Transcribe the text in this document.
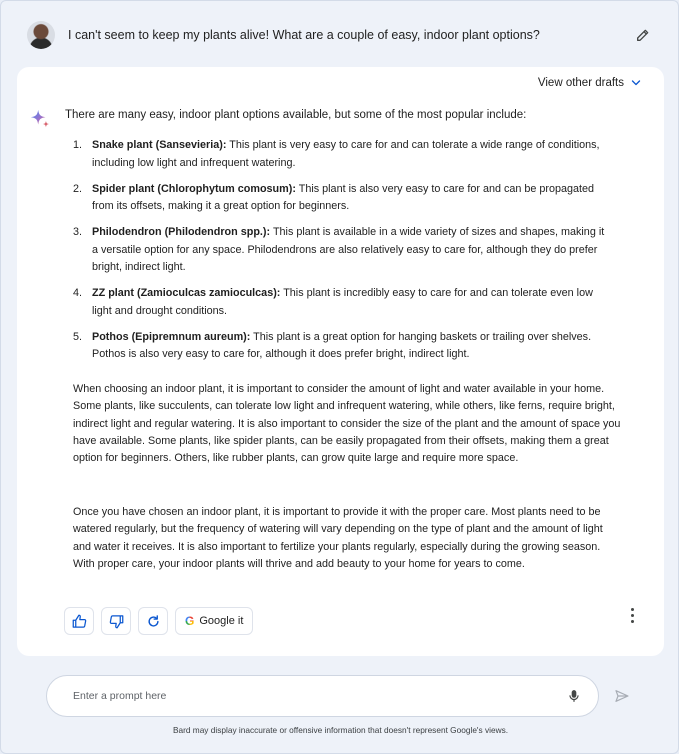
I can't seem to keep my plants alive! What are a couple of easy, indoor plant options?
View other drafts
There are many easy, indoor plant options available, but some of the most popular include:
1. Snake plant (Sansevieria): This plant is very easy to care for and can tolerate a wide range of conditions, including low light and infrequent watering.
2. Spider plant (Chlorophytum comosum): This plant is also very easy to care for and can be propagated from its offsets, making it a great option for beginners.
3. Philodendron (Philodendron spp.): This plant is available in a wide variety of sizes and shapes, making it a versatile option for any space. Philodendrons are also relatively easy to care for, although they do prefer bright, indirect light.
4. ZZ plant (Zamioculcas zamioculcas): This plant is incredibly easy to care for and can tolerate even low light and drought conditions.
5. Pothos (Epipremnum aureum): This plant is a great option for hanging baskets or trailing over shelves. Pothos is also very easy to care for, although it does prefer bright, indirect light.

When choosing an indoor plant, it is important to consider the amount of light and water available in your home. Some plants, like succulents, can tolerate low light and infrequent watering, while others, like ferns, require bright, indirect light and regular watering. It is also important to consider the size of the plant and the amount of space you have available. Some plants, like spider plants, can be easily propagated from their offsets, making them a great option for beginners. Others, like rubber plants, can grow quite large and require more space.

Once you have chosen an indoor plant, it is important to provide it with the proper care. Most plants need to be watered regularly, but the frequency of watering will vary depending on the type of plant and the amount of light and water it receives. It is also important to fertilize your plants regularly, especially during the growing season. With proper care, your indoor plants will thrive and add beauty to your home for years to come.

G Google it
Enter a prompt here
Bard may display inaccurate or offensive information that doesn't represent Google's views.
